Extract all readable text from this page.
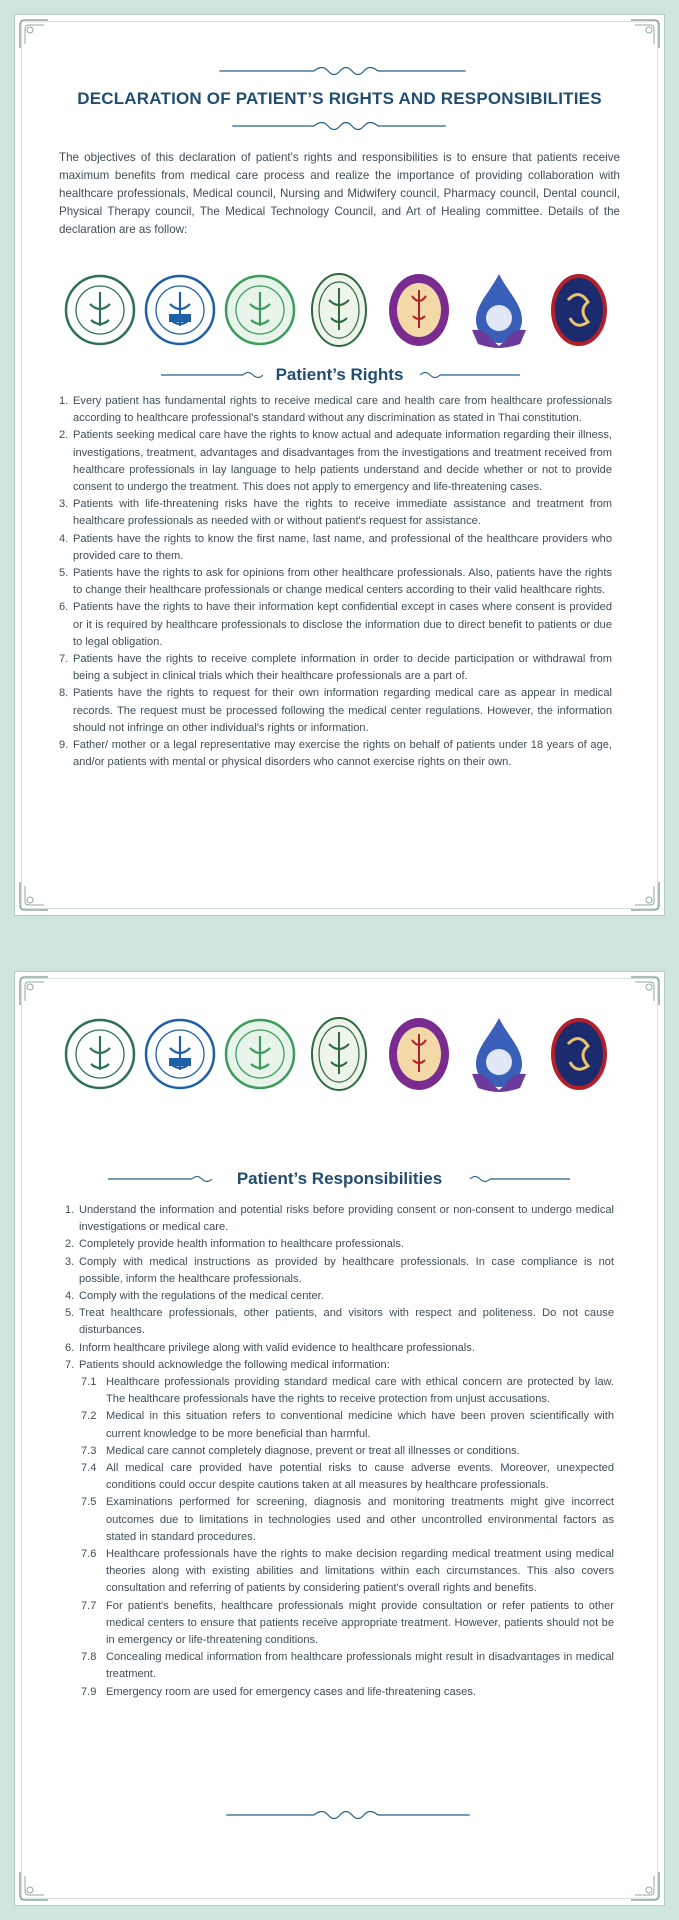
DECLARATION OF PATIENT’S RIGHTS AND RESPONSIBILITIES

The objectives of this declaration of patient's rights and responsibilities is to ensure that patients receive maximum benefits from medical care process and realize the importance of providing collaboration with healthcare professionals, Medical council, Nursing and Midwifery council, Pharmacy council, Dental council, Physical Therapy council, The Medical Technology Council, and Art of Healing committee. Details of the declaration are as follow:

Patient’s Rights
1. Every patient has fundamental rights to receive medical care and health care from healthcare professionals according to healthcare professional's standard without any discrimination as stated in Thai constitution.
2. Patients seeking medical care have the rights to know actual and adequate information regarding their illness, investigations, treatment, advantages and disadvantages from the investigations and treatment received from healthcare professionals in lay language to help patients understand and decide whether or not to provide consent to undergo the treatment. This does not apply to emergency and life-threatening cases.
3. Patients with life-threatening risks have the rights to receive immediate assistance and treatment from healthcare professionals as needed with or without patient's request for assistance.
4. Patients have the rights to know the first name, last name, and professional of the healthcare providers who provided care to them.
5. Patients have the rights to ask for opinions from other healthcare professionals. Also, patients have the rights to change their healthcare professionals or change medical centers according to their valid healthcare rights.
6. Patients have the rights to have their information kept confidential except in cases where consent is provided or it is required by healthcare professionals to disclose the information due to direct benefit to patients or due to legal obligation.
7. Patients have the rights to receive complete information in order to decide participation or withdrawal from being a subject in clinical trials which their healthcare professionals are a part of.
8. Patients have the rights to request for their own information regarding medical care as appear in medical records. The request must be processed following the medical center regulations. However, the information should not infringe on other individual's rights or information.
9. Father/ mother or a legal representative may exercise the rights on behalf of patients under 18 years of age, and/or patients with mental or physical disorders who cannot exercise rights on their own.
Patient’s Responsibilities
1. Understand the information and potential risks before providing consent or non-consent to undergo medical investigations or medical care.
2. Completely provide health information to healthcare professionals.
3. Comply with medical instructions as provided by healthcare professionals. In case compliance is not possible, inform the healthcare professionals.
4. Comply with the regulations of the medical center.
5. Treat healthcare professionals, other patients, and visitors with respect and politeness. Do not cause disturbances.
6. Inform healthcare privilege along with valid evidence to healthcare professionals.
7. Patients should acknowledge the following medical information:
7.1 Healthcare professionals providing standard medical care with ethical concern are protected by law. The healthcare professionals have the rights to receive protection from unjust accusations.
7.2 Medical in this situation refers to conventional medicine which have been proven scientifically with current knowledge to be more beneficial than harmful.
7.3 Medical care cannot completely diagnose, prevent or treat all illnesses or conditions.
7.4 All medical care provided have potential risks to cause adverse events. Moreover, unexpected conditions could occur despite cautions taken at all measures by healthcare professionals.
7.5 Examinations performed for screening, diagnosis and monitoring treatments might give incorrect outcomes due to limitations in technologies used and other uncontrolled environmental factors as stated in standard procedures.
7.6 Healthcare professionals have the rights to make decision regarding medical treatment using medical theories along with existing abilities and limitations within each circumstances. This also covers consultation and referring of patients by considering patient's overall rights and benefits.
7.7 For patient's benefits, healthcare professionals might provide consultation or refer patients to other medical centers to ensure that patients receive appropriate treatment. However, patients should not be in emergency or life-threatening conditions.
7.8 Concealing medical information from healthcare professionals might result in disadvantages in medical treatment.
7.9 Emergency room are used for emergency cases and life-threatening cases.
